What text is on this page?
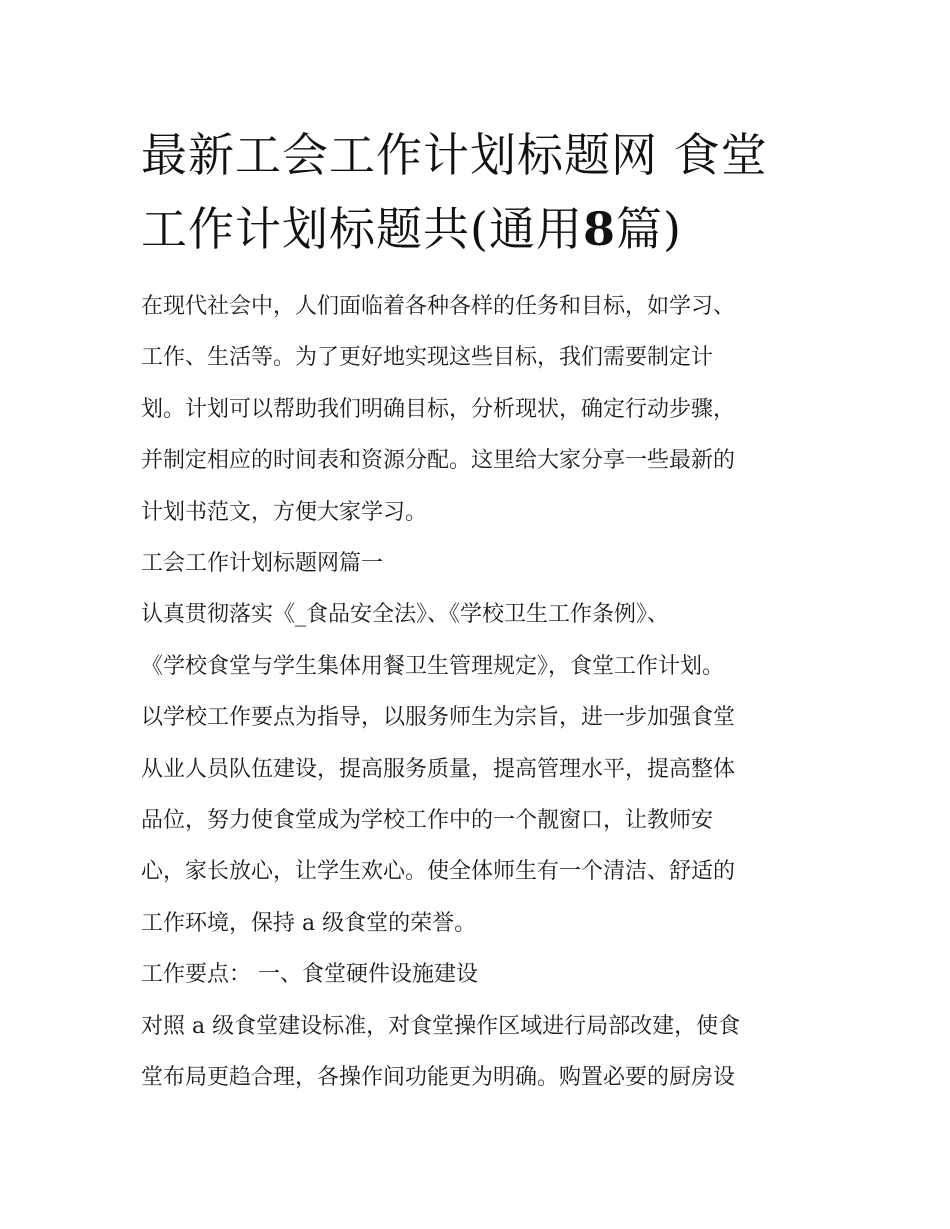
最新工会工作计划标题网 食堂
工作计划标题共(通用8篇)

在现代社会中，人们面临着各种各样的任务和目标，如学习、
工作、生活等。为了更好地实现这些目标，我们需要制定计
划。计划可以帮助我们明确目标，分析现状，确定行动步骤，
并制定相应的时间表和资源分配。这里给大家分享一些最新的
计划书范文，方便大家学习。

工会工作计划标题网篇一

认真贯彻落实《_食品安全法》、《学校卫生工作条例》、
《学校食堂与学生集体用餐卫生管理规定》，食堂工作计划。
以学校工作要点为指导，以服务师生为宗旨，进一步加强食堂
从业人员队伍建设，提高服务质量，提高管理水平，提高整体
品位，努力使食堂成为学校工作中的一个靓窗口，让教师安
心，家长放心，让学生欢心。使全体师生有一个清洁、舒适的
工作环境，保持 a 级食堂的荣誉。

工作要点： 一、食堂硬件设施建设

对照 a 级食堂建设标准，对食堂操作区域进行局部改建，使食
堂布局更趋合理，各操作间功能更为明确。购置必要的厨房设
